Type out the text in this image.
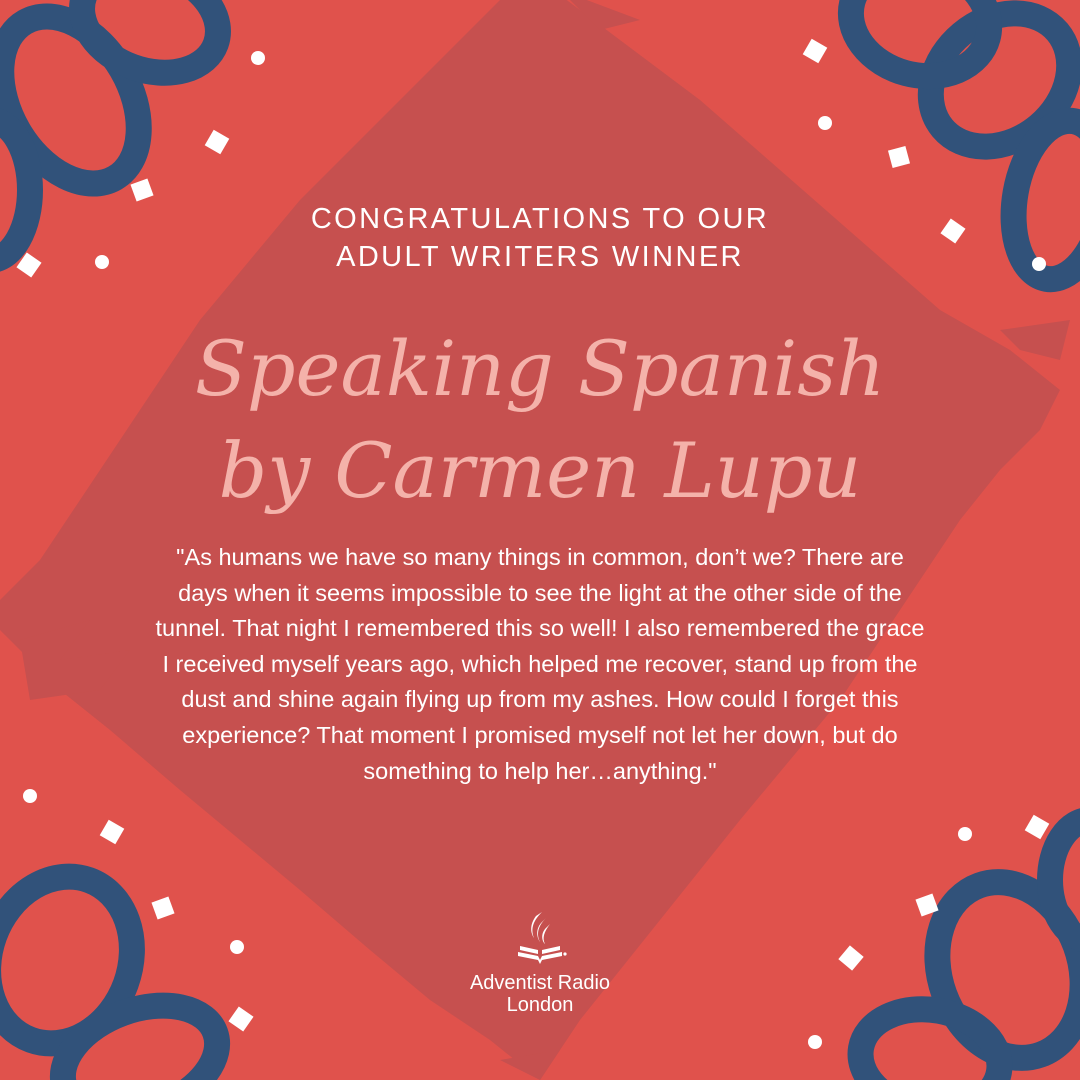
CONGRATULATIONS TO OUR
ADULT WRITERS WINNER
Speaking Spanish
by Carmen Lupu
"As humans we have so many things in common, don’t we? There are days when it seems impossible to see the light at the other side of the tunnel. That night I remembered this so well! I also remembered the grace I received myself years ago, which helped me recover, stand up from the dust and shine again flying up from my ashes. How could I forget this experience? That moment I promised myself not let her down, but do something to help her…anything."
Adventist Radio
London
